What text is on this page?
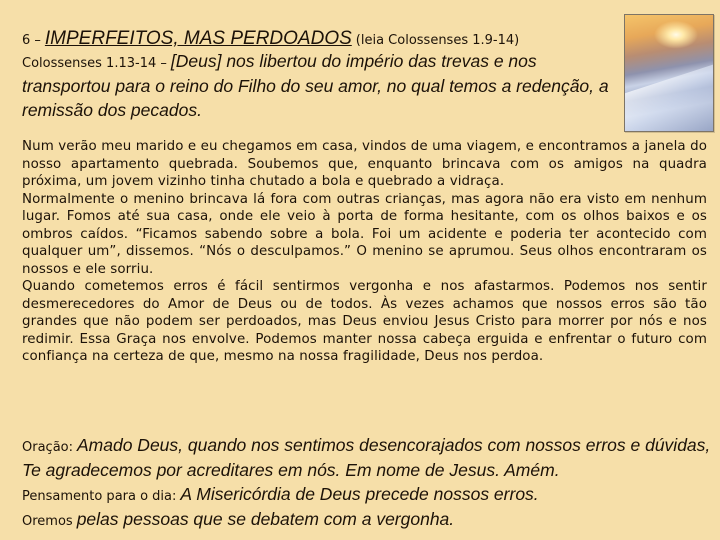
6 – IMPERFEITOS, MAS PERDOADOS (leia Colossenses 1.9-14)
Colossenses 1.13-14 – [Deus] nos libertou do império das trevas e nos transportou para o reino do Filho do seu amor, no qual temos a redenção, a remissão dos pecados.

Num verão meu marido e eu chegamos em casa, vindos de uma viagem, e encontramos a janela do nosso apartamento quebrada. Soubemos que, enquanto brincava com os amigos na quadra próxima, um jovem vizinho tinha chutado a bola e quebrado a vidraça.

Normalmente o menino brincava lá fora com outras crianças, mas agora não era visto em nenhum lugar. Fomos até sua casa, onde ele veio à porta de forma hesitante, com os olhos baixos e os ombros caídos. “Ficamos sabendo sobre a bola. Foi um acidente e poderia ter acontecido com qualquer um”, dissemos. “Nós o desculpamos.” O menino se aprumou. Seus olhos encontraram os nossos e ele sorriu.

Quando cometemos erros é fácil sentirmos vergonha e nos afastarmos. Podemos nos sentir desmerecedores do Amor de Deus ou de todos. Às vezes achamos que nossos erros são tão grandes que não podem ser perdoados, mas Deus enviou Jesus Cristo para morrer por nós e nos redimir. Essa Graça nos envolve. Podemos manter nossa cabeça erguida e enfrentar o futuro com confiança na certeza de que, mesmo na nossa fragilidade, Deus nos perdoa.

Oração: Amado Deus, quando nos sentimos desencorajados com nossos erros e dúvidas, Te agradecemos por acreditares em nós. Em nome de Jesus. Amém.
Pensamento para o dia: A Misericórdia de Deus precede nossos erros.
Oremos pelas pessoas que se debatem com a vergonha.
